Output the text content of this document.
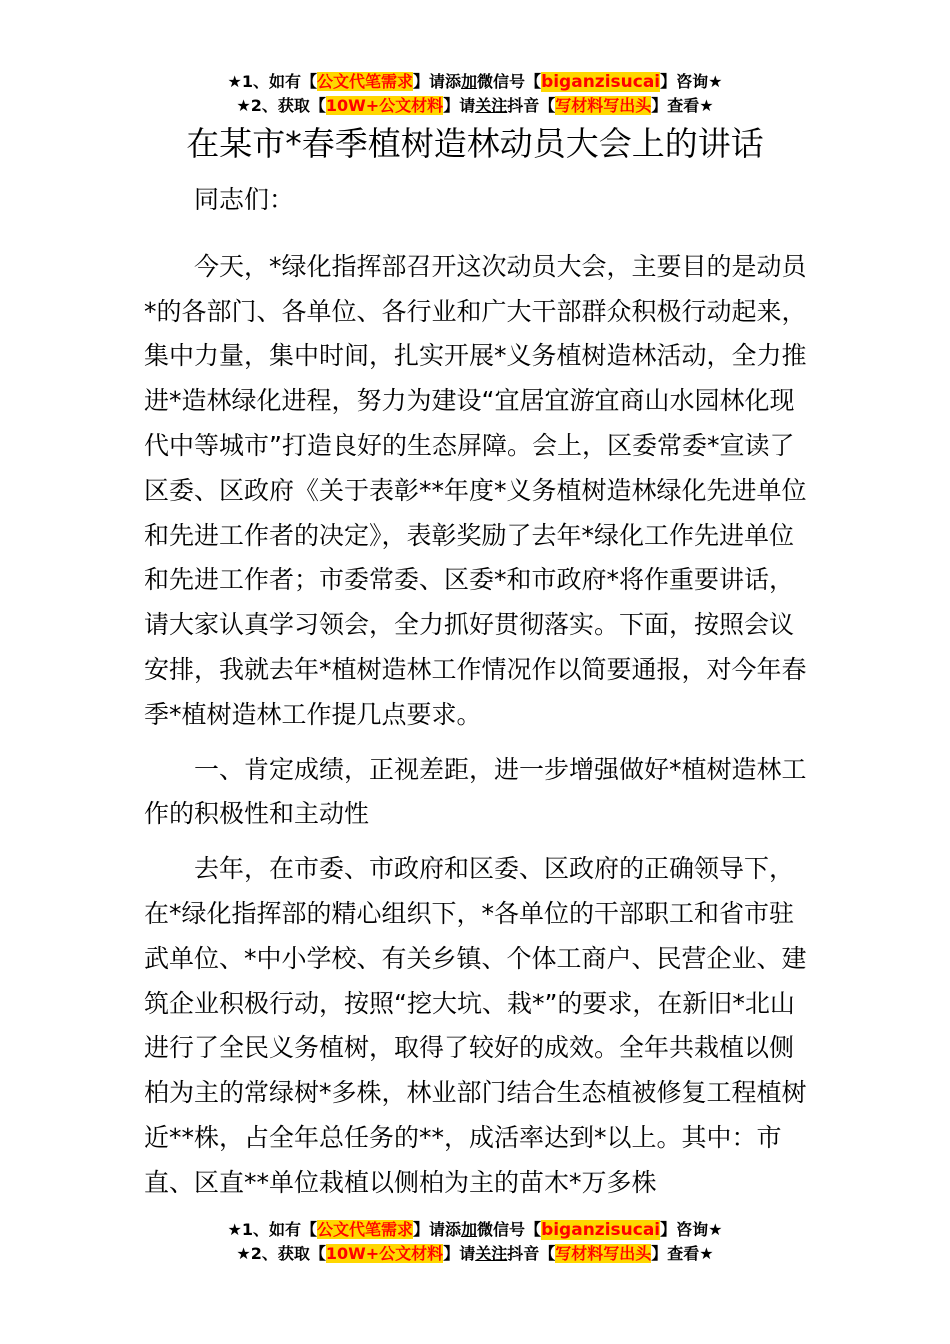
★1、如有【公文代笔需求】请添加微信号【biganzisucai】咨询★
★2、获取【10W+公文材料】请关注抖音【写材料写出头】查看★
在某市*春季植树造林动员大会上的讲话

同志们：

今天，*绿化指挥部召开这次动员大会，主要目的是动员*的各部门、各单位、各行业和广大干部群众积极行动起来，集中力量，集中时间，扎实开展*义务植树造林活动，全力推进*造林绿化进程，努力为建设“宜居宜游宜商山水园林化现代中等城市”打造良好的生态屏障。会上，区委常委*宣读了区委、区政府《关于表彰**年度*义务植树造林绿化先进单位和先进工作者的决定》，表彰奖励了去年*绿化工作先进单位和先进工作者；市委常委、区委*和市政府*将作重要讲话，请大家认真学习领会，全力抓好贯彻落实。下面，按照会议安排，我就去年*植树造林工作情况作以简要通报，对今年春季*植树造林工作提几点要求。

一、肯定成绩，正视差距，进一步增强做好*植树造林工作的积极性和主动性

去年，在市委、市政府和区委、区政府的正确领导下，在*绿化指挥部的精心组织下，*各单位的干部职工和省市驻武单位、*中小学校、有关乡镇、个体工商户、民营企业、建筑企业积极行动，按照“挖大坑、栽*”的要求，在新旧*北山进行了全民义务植树，取得了较好的成效。全年共栽植以侧柏为主的常绿树*多株，林业部门结合生态植被修复工程植树近**株，占全年总任务的**，成活率达到*以上。其中：市直、区直**单位栽植以侧柏为主的苗木*万多株

★1、如有【公文代笔需求】请添加微信号【biganzisucai】咨询★
★2、获取【10W+公文材料】请关注抖音【写材料写出头】查看★
